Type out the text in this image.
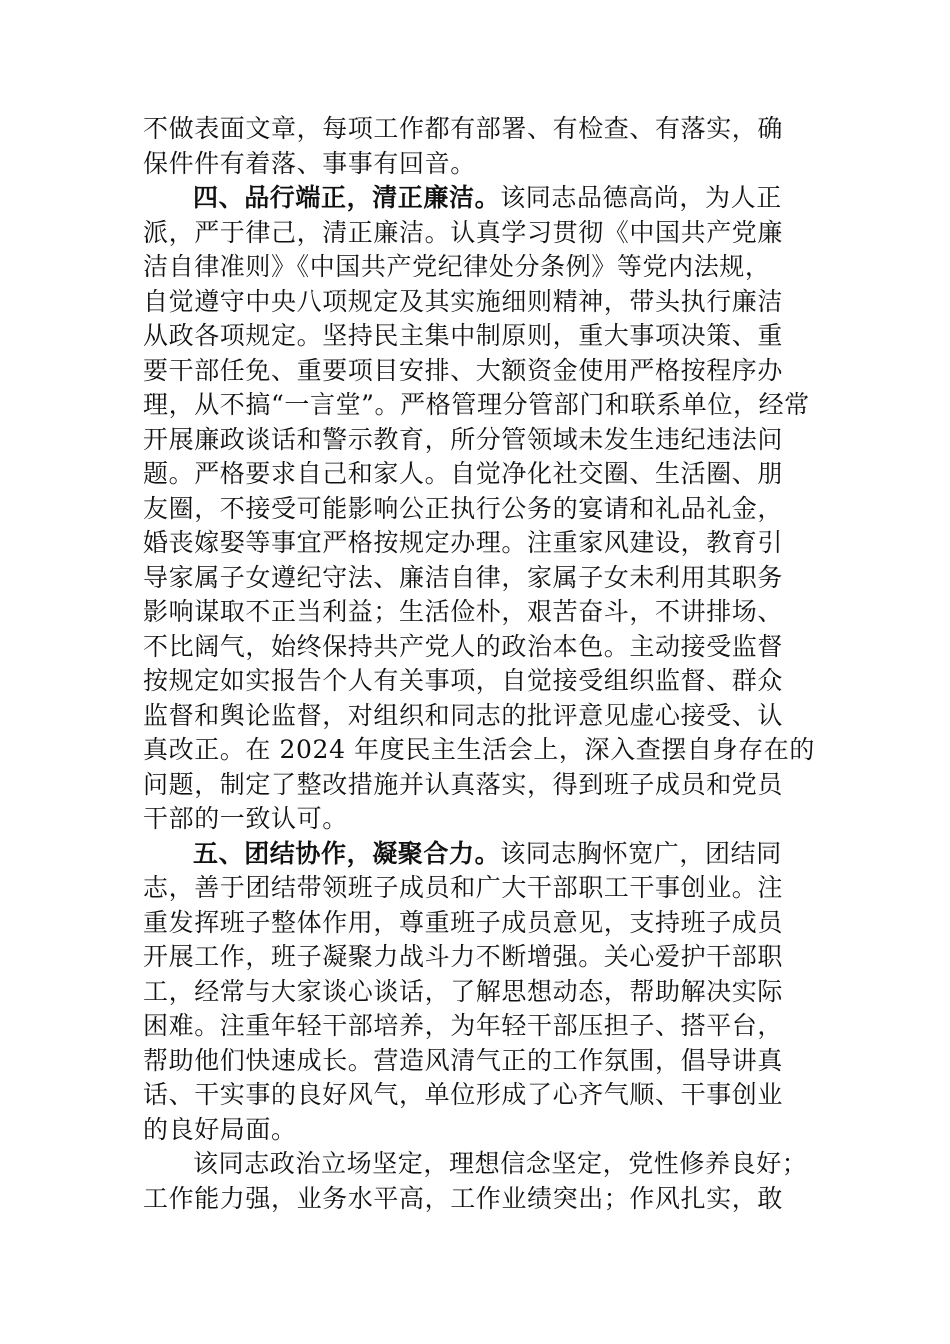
不做表面文章，每项工作都有部署、有检查、有落实，确
保件件有着落、事事有回音。

四、品行端正，清正廉洁。该同志品德高尚，为人正
派，严于律己，清正廉洁。认真学习贯彻《中国共产党廉
洁自律准则》《中国共产党纪律处分条例》等党内法规，
自觉遵守中央八项规定及其实施细则精神，带头执行廉洁
从政各项规定。坚持民主集中制原则，重大事项决策、重
要干部任免、重要项目安排、大额资金使用严格按程序办
理，从不搞“一言堂”。严格管理分管部门和联系单位，经常
开展廉政谈话和警示教育，所分管领域未发生违纪违法问
题。严格要求自己和家人。自觉净化社交圈、生活圈、朋
友圈，不接受可能影响公正执行公务的宴请和礼品礼金，
婚丧嫁娶等事宜严格按规定办理。注重家风建设，教育引
导家属子女遵纪守法、廉洁自律，家属子女未利用其职务
影响谋取不正当利益；生活俭朴，艰苦奋斗，不讲排场、
不比阔气，始终保持共产党人的政治本色。主动接受监督
按规定如实报告个人有关事项，自觉接受组织监督、群众
监督和舆论监督，对组织和同志的批评意见虚心接受、认
真改正。在 2024 年度民主生活会上，深入查摆自身存在的
问题，制定了整改措施并认真落实，得到班子成员和党员
干部的一致认可。

五、团结协作，凝聚合力。该同志胸怀宽广，团结同
志，善于团结带领班子成员和广大干部职工干事创业。注
重发挥班子整体作用，尊重班子成员意见，支持班子成员
开展工作，班子凝聚力战斗力不断增强。关心爱护干部职
工，经常与大家谈心谈话，了解思想动态，帮助解决实际
困难。注重年轻干部培养，为年轻干部压担子、搭平台，
帮助他们快速成长。营造风清气正的工作氛围，倡导讲真
话、干实事的良好风气，单位形成了心齐气顺、干事创业
的良好局面。

该同志政治立场坚定，理想信念坚定，党性修养良好；
工作能力强，业务水平高，工作业绩突出；作风扎实，敢
